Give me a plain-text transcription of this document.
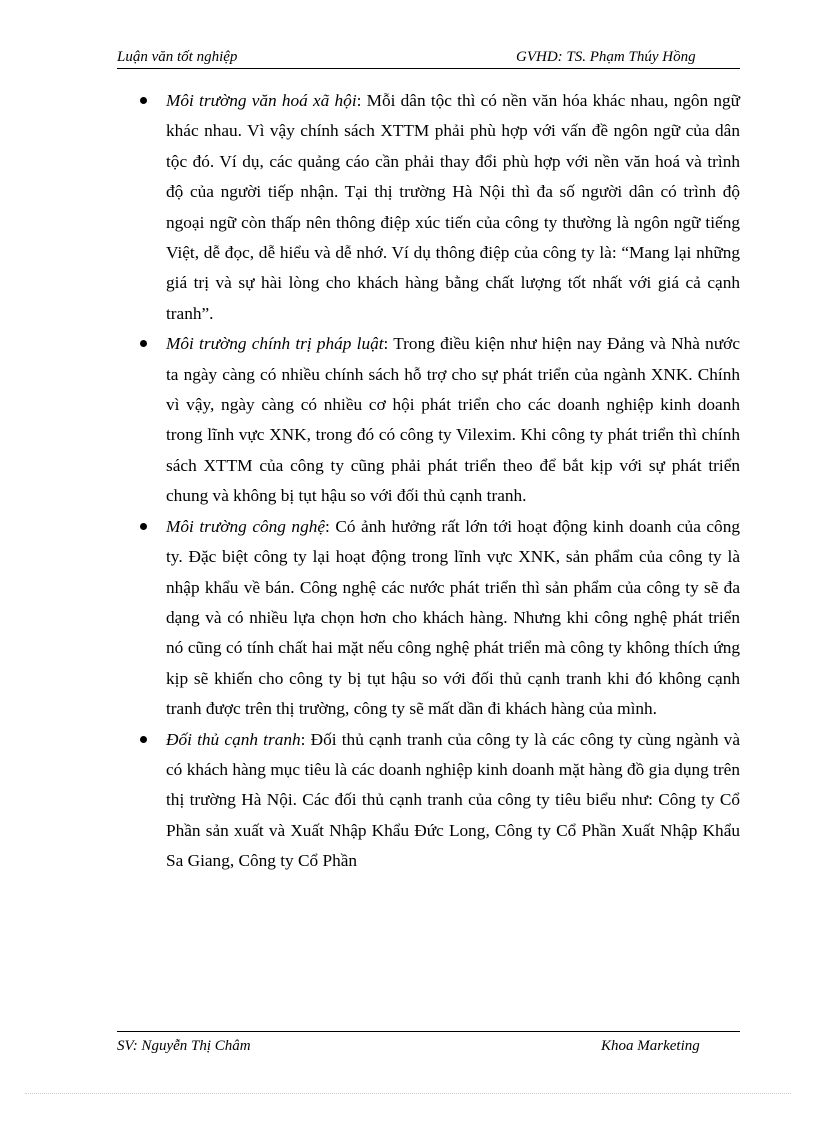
Luận văn tốt nghiệp	GVHD: TS. Phạm Thúy Hồng

Môi trường văn hoá xã hội: Mỗi dân tộc thì có nền văn hóa khác nhau, ngôn ngữ khác nhau. Vì vậy chính sách XTTM phải phù hợp với vấn đề ngôn ngữ của dân tộc đó. Ví dụ, các quảng cáo cần phải thay đổi phù hợp với nền văn hoá và trình độ của người tiếp nhận. Tại thị trường Hà Nội thì đa số người dân có trình độ ngoại ngữ còn thấp nên thông điệp xúc tiến của công ty thường là ngôn ngữ tiếng Việt, dễ đọc, dễ hiểu và dễ nhớ. Ví dụ thông điệp của công ty là: “Mang lại những giá trị và sự hài lòng cho khách hàng bằng chất lượng tốt nhất với giá cả cạnh tranh”.

Môi trường chính trị pháp luật: Trong điều kiện như hiện nay Đảng và Nhà nước ta ngày càng có nhiều chính sách hỗ trợ cho sự phát triển của ngành XNK. Chính vì vậy, ngày càng có nhiều cơ hội phát triển cho các doanh nghiệp kinh doanh trong lĩnh vực XNK, trong đó có công ty Vilexim. Khi công ty phát triển thì chính sách XTTM của công ty cũng phải phát triển theo để bắt kịp với sự phát triển chung và không bị tụt hậu so với đối thủ cạnh tranh.

Môi trường công nghệ: Có ảnh hưởng rất lớn tới hoạt động kinh doanh của công ty. Đặc biệt công ty lại hoạt động trong lĩnh vực XNK, sản phẩm của công ty là nhập khẩu về bán. Công nghệ các nước phát triển thì sản phẩm của công ty sẽ đa dạng và có nhiều lựa chọn hơn cho khách hàng. Nhưng khi công nghệ phát triển nó cũng có tính chất hai mặt nếu công nghệ phát triển mà công ty không thích ứng kịp sẽ khiến cho công ty bị tụt hậu so với đối thủ cạnh tranh khi đó không cạnh tranh được trên thị trường, công ty sẽ mất dần đi khách hàng của mình.

Đối thủ cạnh tranh: Đối thủ cạnh tranh của công ty là các công ty cùng ngành và có khách hàng mục tiêu là các doanh nghiệp kinh doanh mặt hàng đồ gia dụng trên thị trường Hà Nội. Các đối thủ cạnh tranh của công ty tiêu biểu như: Công ty Cổ Phần sản xuất và Xuất Nhập Khẩu Đức Long, Công ty Cổ Phần Xuất Nhập Khẩu Sa Giang, Công ty Cổ Phần

SV: Nguyễn Thị Châm	Khoa Marketing
